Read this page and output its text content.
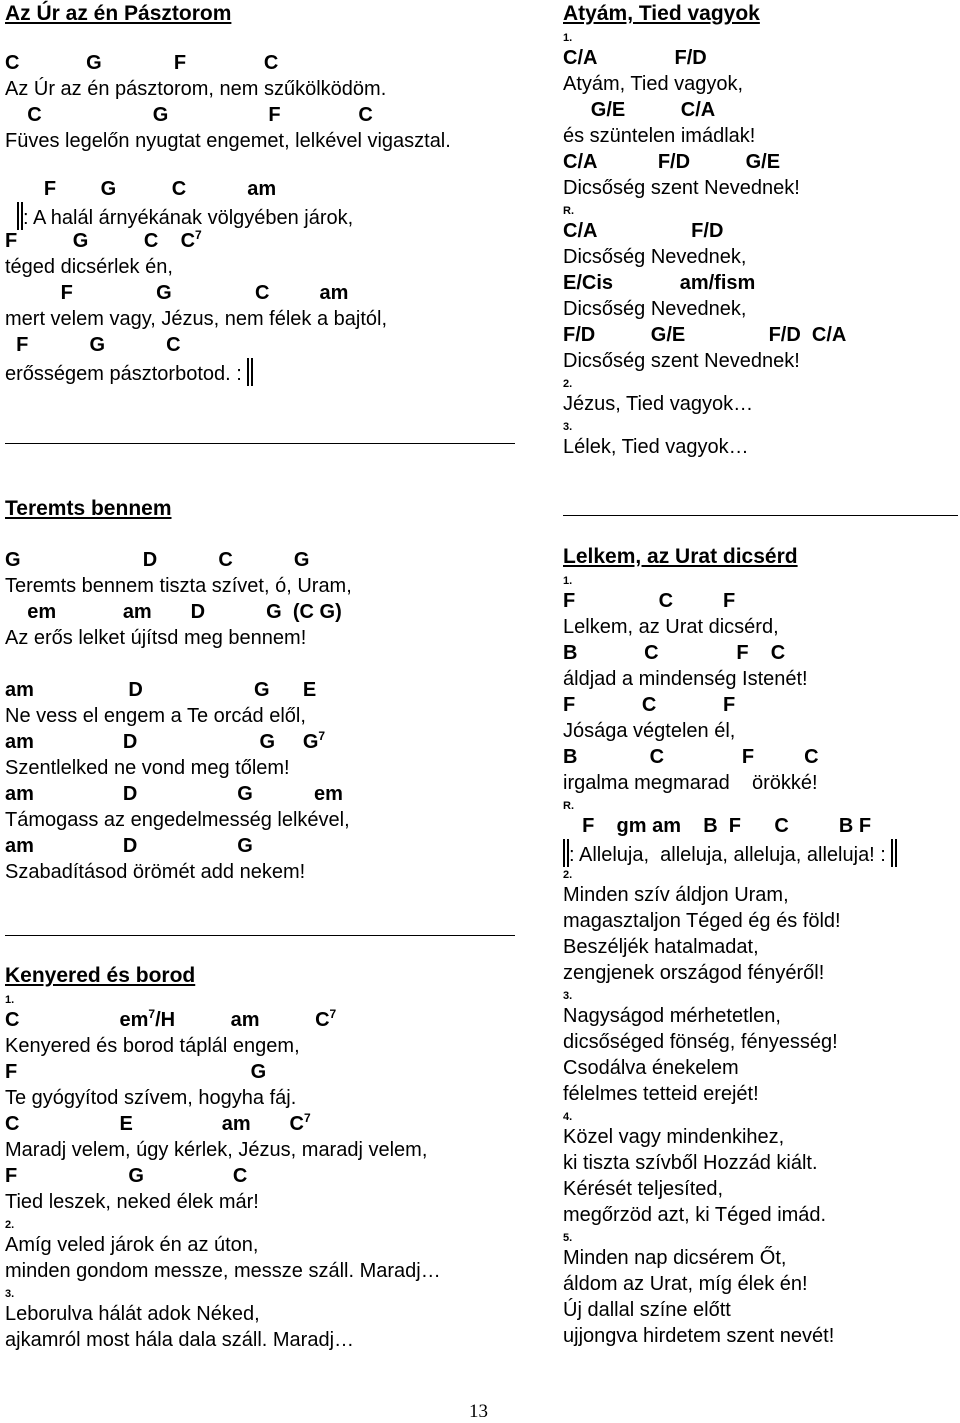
Az Úr az én Pásztorom
C            G             F              C
Az Úr az én pásztorom, nem szűkölködöm.
C                    G                  F              C
Füves legelőn nyugtat engemet, lelkével vigasztal.
F        G          C           am
: A halál árnyékának völgyében járok,
F          G          C    $C^7$
téged dicsérlek én,
F               G               C         am
mert velem vagy, Jézus, nem félek a bajtól,
F           G           C
erősségem pásztorbotod. :
Teremts bennem
G                      D           C           G
Teremts bennem tiszta szívet, ó, Uram,
em            am       D           G  (C G)
Az erős lelket újítsd meg bennem!
am                 D                    G      E
Ne vess el engem a Te orcád elől,
am                D                      G     $G^7$
Szentlelked ne vond meg tőlem!
am                D                  G           em
Támogass az engedelmesség lelkével,
am                D                  G
Szabadításod örömét add nekem!
Kenyered és borod
1.
C                  $em^7/H$          am          $C^7$
Kenyered és borod táplál engem,
F                                          G
Te gyógyítod szívem, hogyha fáj.
C                  E                am       $C^7$
Maradj velem, úgy kérlek, Jézus, maradj velem,
F                    G                C
Tied leszek, neked élek már!
2.
Amíg veled járok én az úton,
minden gondom messze, messze száll. Maradj…
3.
Leborulva hálát adok Néked,
ajkamról most hála dala száll. Maradj…
Atyám, Tied vagyok
1.
C/A              F/D
Atyám, Tied vagyok,
G/E          C/A
és szüntelen imádlak!
C/A           F/D          G/E
Dicsőség szent Nevednek!
R.
C/A                 F/D
Dicsőség Nevednek,
E/Cis            am/fism
Dicsőség Nevednek,
F/D          G/E               F/D  C/A
Dicsőség szent Nevednek!
2.
Jézus, Tied vagyok…
3.
Lélek, Tied vagyok…
Lelkem, az Urat dicsérd
1.
F               C         F
Lelkem, az Urat dicsérd,
B            C              F    C
áldjad a mindenség Istenét!
F            C            F
Jósága végtelen él,
B             C              F         C
irgalma megmarad    örökké!
R.
F    gm am    B  F      C         B F
: Alleluja,  alleluja, alleluja, alleluja! :
2.
Minden szív áldjon Uram,
magasztaljon Téged ég és föld!
Beszéljék hatalmadat,
zengjenek országod fényéről!
3.
Nagyságod mérhetetlen,
dicsőséged fönség, fényesség!
Csodálva énekelem
félelmes tetteid erejét!
4.
Közel vagy mindenkihez,
ki tiszta szívből Hozzád kiált.
Kérését teljesíted,
megőrzöd azt, ki Téged imád.
5.
Minden nap dicsérem Őt,
áldom az Urat, míg élek én!
Új dallal színe előtt
ujjongva hirdetem szent nevét!
13
